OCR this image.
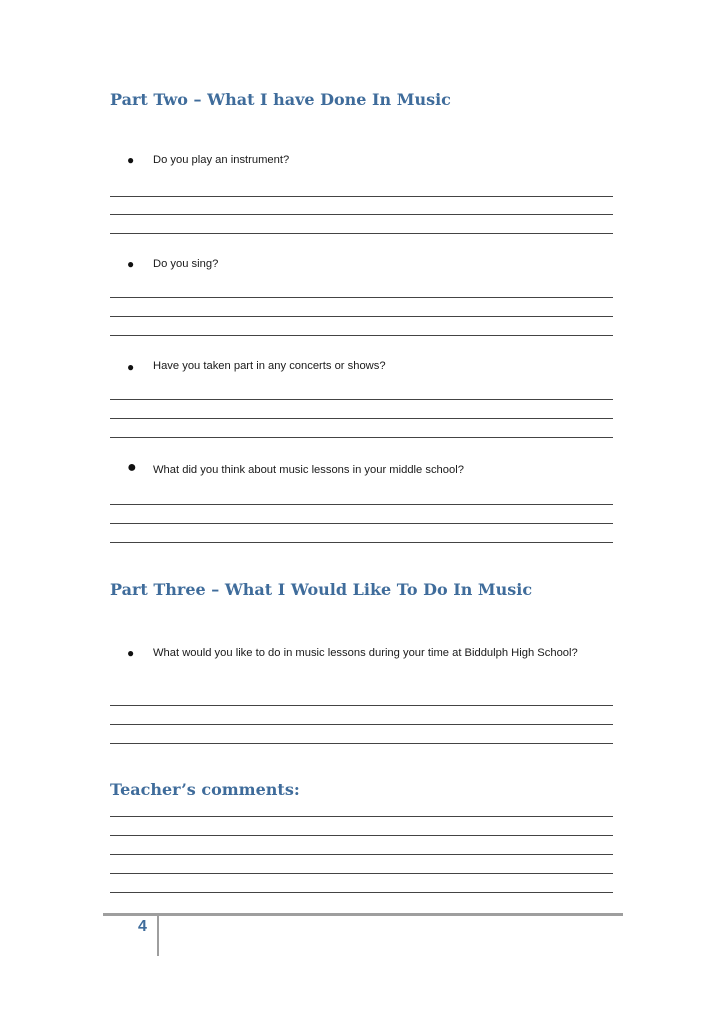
Part Two – What I have Done In Music
● Do you play an instrument?
● Do you sing?
● Have you taken part in any concerts or shows?
● What did you think about music lessons in your middle school?
Part Three – What I Would Like To Do In Music
● What would you like to do in music lessons during your time at Biddulph High School?
Teacher’s comments:
4
